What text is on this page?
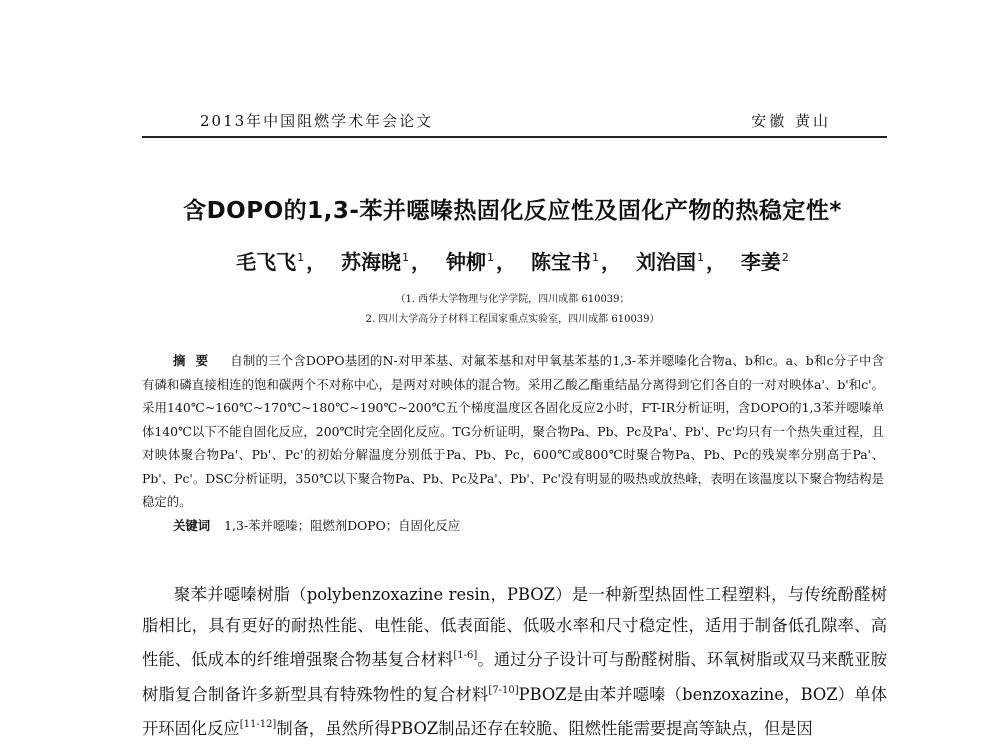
2013年中国阻燃学术年会论文	安徽 黄山
含DOPO的1,3-苯并噁嗪热固化反应性及固化产物的热稳定性*
毛飞飞$^1$ ， 苏海晓$^1$ ， 钟柳$^1$ ， 陈宝书$^1$ ， 刘治国$^1$ ， 李姜$^2$
（1. 西华大学物理与化学学院，四川成都 610039；
2. 四川大学高分子材料工程国家重点实验室，四川成都 610039）

摘要 自制的三个含DOPO基团的N-对甲苯基、对氟苯基和对甲氧基苯基的1,3-苯并噁嗪化合物a、b和c。a、b和c分子中含有磷和磷直接相连的饱和碳两个不对称中心，是两对对映体的混合物。采用乙酸乙酯重结晶分离得到它们各自的一对对映体a'、b'和c'。采用140℃~160℃~170℃~180℃~190℃~200℃五个梯度温度区各固化反应2小时，FT-IR分析证明，含DOPO的1,3苯并噁嗪单体140℃以下不能自固化反应，200℃时完全固化反应。TG分析证明，聚合物Pa、Pb、Pc及Pa'、Pb'、Pc'均只有一个热失重过程，且对映体聚合物Pa'、Pb'、Pc'的初始分解温度分别低于Pa、Pb、Pc，600℃或800℃时聚合物Pa、Pb、Pc的残炭率分别高于Pa'、Pb'、Pc'。DSC分析证明，350℃以下聚合物Pa、Pb、Pc及Pa'、Pb'、Pc'没有明显的吸热或放热峰，表明在该温度以下聚合物结构是稳定的。

关键词 1,3-苯并噁嗪；阻燃剂DOPO；自固化反应

聚苯并噁嗪树脂（polybenzoxazine resin，PBOZ）是一种新型热固性工程塑料，与传统酚醛树脂相比，具有更好的耐热性能、电性能、低表面能、低吸水率和尺寸稳定性，适用于制备低孔隙率、高性能、低成本的纤维增强聚合物基复合材料[1-6]。通过分子设计可与酚醛树脂、环氧树脂或双马来酰亚胺树脂复合制备许多新型具有特殊物性的复合材料[7-10]PBOZ是由苯并噁嗪（benzoxazine，BOZ）单体开环固化反应[11-12]制备，虽然所得PBOZ制品还存在较脆、阻燃性能需要提高等缺点，但是因
